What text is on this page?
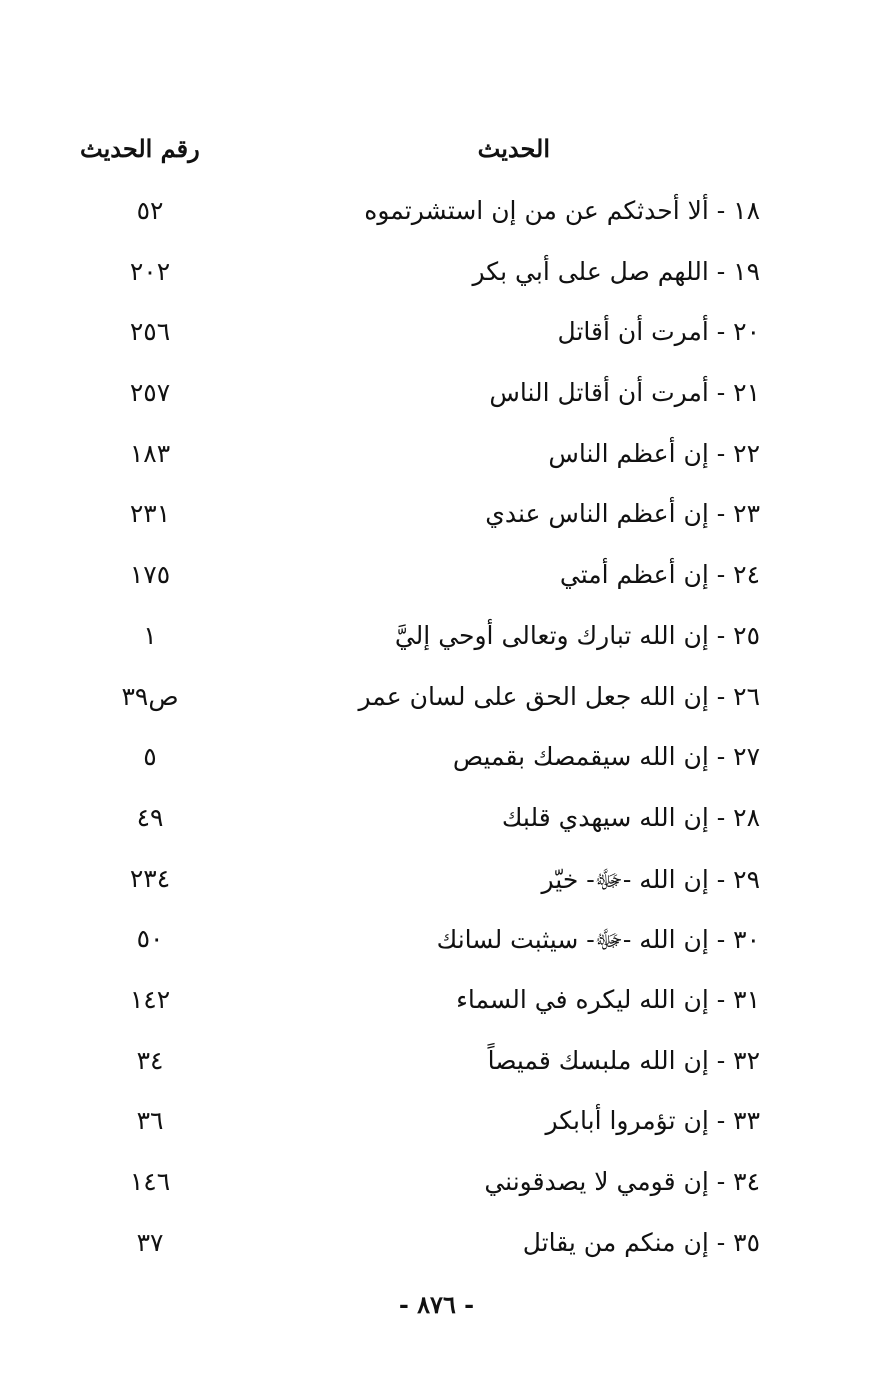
الحديث
رقم الحديث
١٨ - ألا أحدثكم عن من إن استشرتموه
٥٢
١٩ - اللهم صل على أبي بكر
٢٠٢
٢٠ - أمرت أن أقاتل
٢٥٦
٢١ - أمرت أن أقاتل الناس
٢٥٧
٢٢ - إن أعظم الناس
١٨٣
٢٣ - إن أعظم الناس عندي
٢٣١
٢٤ - إن أعظم أمتي
١٧٥
٢٥ - إن الله تبارك وتعالى أوحي إليَّ
١
٢٦ - إن الله جعل الحق على لسان عمر
ص٣٩
٢٧ - إن الله سيقمصك بقميص
٥
٢٨ - إن الله سيهدي قلبك
٤٩
٢٩ - إن الله -ﷻ- خيّر
٢٣٤
٣٠ - إن الله -ﷻ- سيثبت لسانك
٥٠
٣١ - إن الله ليكره في السماء
١٤٢
٣٢ - إن الله ملبسك قميصاً
٣٤
٣٣ - إن تؤمروا أبابكر
٣٦
٣٤ - إن قومي لا يصدقونني
١٤٦
٣٥ - إن منكم من يقاتل
٣٧
- ٨٧٦ -
